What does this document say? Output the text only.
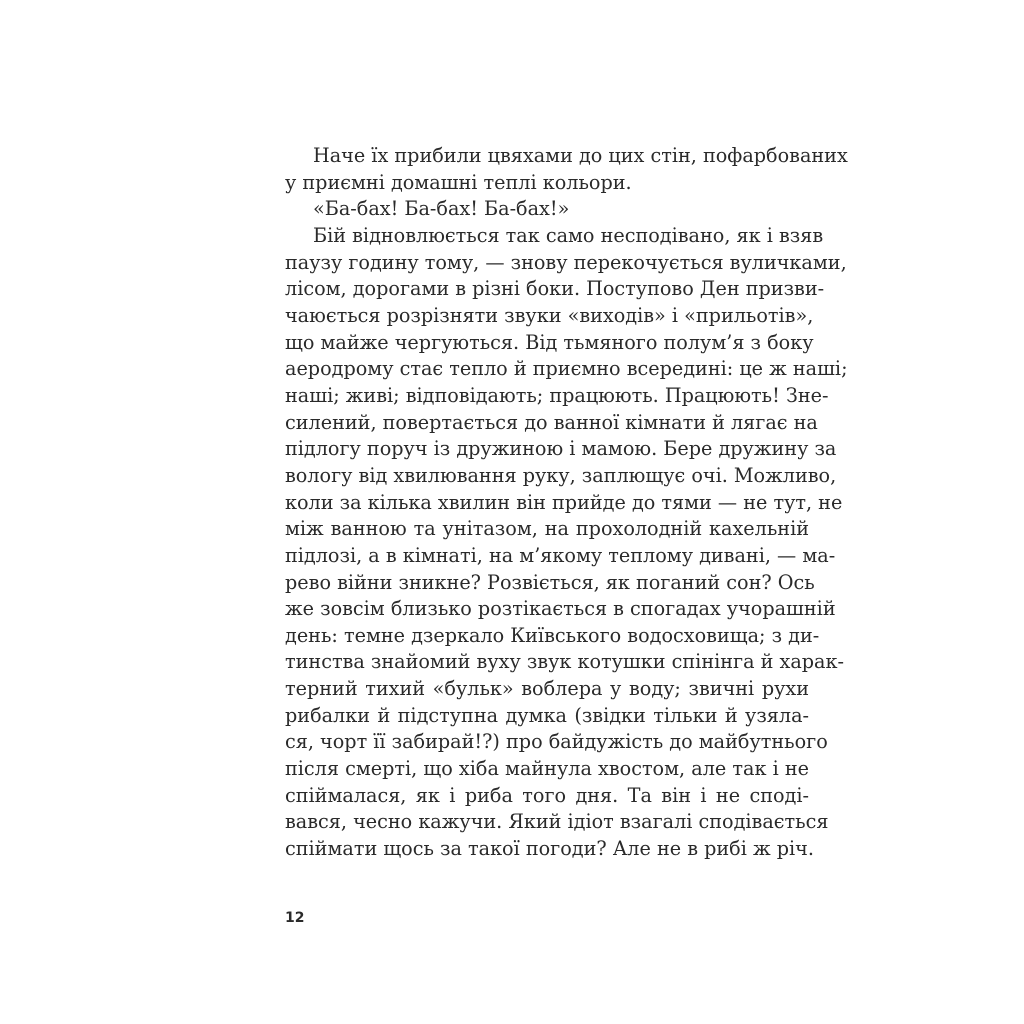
Наче їх прибили цвяхами до цих стін, пофарбованих
у приємні домашні теплі кольори.
«Ба-бах! Ба-бах! Ба-бах!»
Бій відновлюється так само несподівано, як і взяв
паузу годину тому, — знову перекочується вуличками,
лісом, дорогами в різні боки. Поступово Ден призви-
чаюється розрізняти звуки «виходів» і «прильотів»,
що майже чергуються. Від тьмяного полум’я з боку
аеродрому стає тепло й приємно всередині: це ж наші;
наші; живі; відповідають; працюють. Працюють! Зне-
силений, повертається до ванної кімнати й лягає на
підлогу поруч із дружиною і мамою. Бере дружину за
вологу від хвилювання руку, заплющує очі. Можливо,
коли за кілька хвилин він прийде до тями — не тут, не
між ванною та унітазом, на прохолодній кахельній
підлозі, а в кімнаті, на м’якому теплому дивані, — ма-
рево війни зникне? Розвіється, як поганий сон? Ось
же зовсім близько розтікається в спогадах учорашній
день: темне дзеркало Київського водосховища; з ди-
тинства знайомий вуху звук котушки спінінга й харак-
терний тихий «бульк» воблера у воду; звичні рухи
рибалки й підступна думка (звідки тільки й узяла-
ся, чорт її забирай!?) про байдужість до майбутнього
після смерті, що хіба майнула хвостом, але так і не
спіймалася, як і риба того дня. Та він і не сподi-
вався, чесно кажучи. Який ідіот взагалі сподівається
спіймати щось за такої погоди? Але не в рибі ж річ.
12
